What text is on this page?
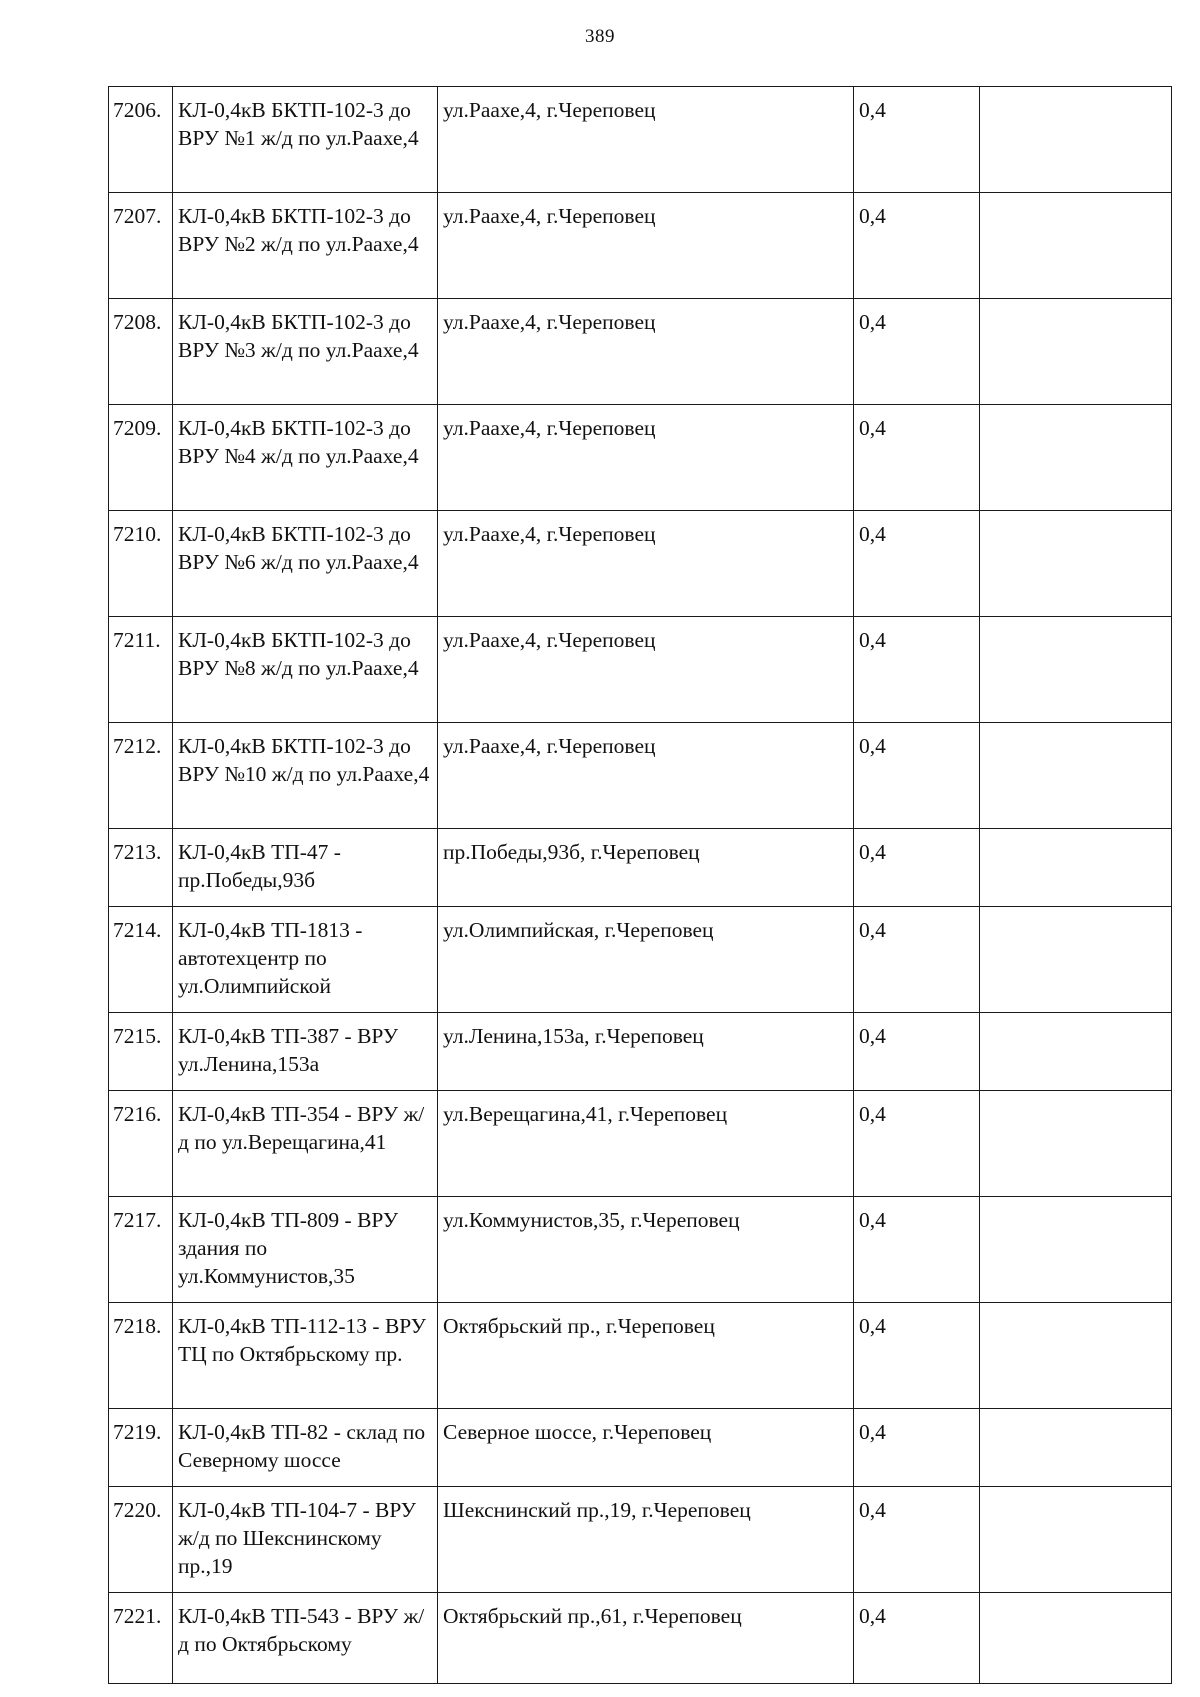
389
7206.	КЛ-0,4кВ БКТП-102-3 до ВРУ №1 ж/д по ул.Раахе,4	ул.Раахе,4, г.Череповец	0,4	
7207.	КЛ-0,4кВ БКТП-102-3 до ВРУ №2 ж/д по ул.Раахе,4	ул.Раахе,4, г.Череповец	0,4	
7208.	КЛ-0,4кВ БКТП-102-3 до ВРУ №3 ж/д по ул.Раахе,4	ул.Раахе,4, г.Череповец	0,4	
7209.	КЛ-0,4кВ БКТП-102-3 до ВРУ №4 ж/д по ул.Раахе,4	ул.Раахе,4, г.Череповец	0,4	
7210.	КЛ-0,4кВ БКТП-102-3 до ВРУ №6 ж/д по ул.Раахе,4	ул.Раахе,4, г.Череповец	0,4	
7211.	КЛ-0,4кВ БКТП-102-3 до ВРУ №8 ж/д по ул.Раахе,4	ул.Раахе,4, г.Череповец	0,4	
7212.	КЛ-0,4кВ БКТП-102-3 до ВРУ №10 ж/д по ул.Раахе,4	ул.Раахе,4, г.Череповец	0,4	
7213.	КЛ-0,4кВ ТП-47 - пр.Победы,93б	пр.Победы,93б, г.Череповец	0,4	
7214.	КЛ-0,4кВ ТП-1813 - автотехцентр по ул.Олимпийской	ул.Олимпийская, г.Череповец	0,4	
7215.	КЛ-0,4кВ ТП-387 - ВРУ ул.Ленина,153а	ул.Ленина,153а, г.Череповец	0,4	
7216.	КЛ-0,4кВ ТП-354 - ВРУ ж/д по ул.Верещагина,41	ул.Верещагина,41, г.Череповец	0,4	
7217.	КЛ-0,4кВ ТП-809 - ВРУ здания по ул.Коммунистов,35	ул.Коммунистов,35, г.Череповец	0,4	
7218.	КЛ-0,4кВ ТП-112-13 - ВРУ ТЦ по Октябрьскому пр.	Октябрьский пр., г.Череповец	0,4	
7219.	КЛ-0,4кВ ТП-82 - склад по Северному шоссе	Северное шоссе, г.Череповец	0,4	
7220.	КЛ-0,4кВ ТП-104-7 - ВРУ ж/д по Шекснинскому пр.,19	Шекснинский пр.,19, г.Череповец	0,4	
7221.	КЛ-0,4кВ ТП-543 - ВРУ ж/д по Октябрьскому	Октябрьский пр.,61, г.Череповец	0,4	
